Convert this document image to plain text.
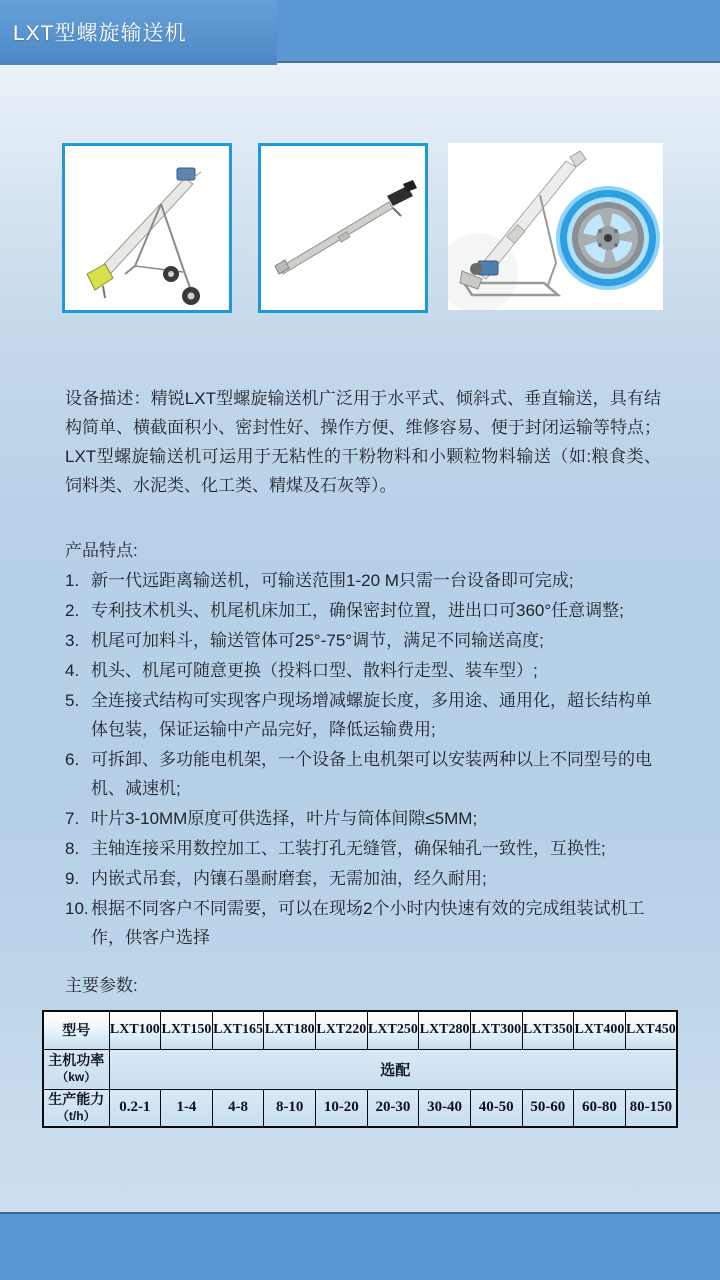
LXT型螺旋输送机
设备描述：精锐LXT型螺旋输送机广泛用于水平式、倾斜式、垂直输送，具有结构简单、横截面积小、密封性好、操作方便、维修容易、便于封闭运输等特点；LXT型螺旋输送机可运用于无粘性的干粉物料和小颗粒物料输送（如:粮食类、饲料类、水泥类、化工类、精煤及石灰等）。
产品特点:
1. 新一代远距离输送机，可输送范围1-20 M只需一台设备即可完成;
2. 专利技术机头、机尾机床加工，确保密封位置，进出口可360°任意调整;
3. 机尾可加料斗，输送管体可25°-75°调节，满足不同输送高度;
4. 机头、机尾可随意更换（投料口型、散料行走型、装车型）;
5. 全连接式结构可实现客户现场增减螺旋长度，多用途、通用化，超长结构单体包装，保证运输中产品完好，降低运输费用;
6. 可拆卸、多功能电机架，一个设备上电机架可以安装两种以上不同型号的电机、减速机;
7. 叶片3-10MM原度可供选择，叶片与筒体间隙≤5MM;
8. 主轴连接采用数控加工、工装打孔无缝管，确保轴孔一致性，互换性;
9. 内嵌式吊套，内镶石墨耐磨套，无需加油，经久耐用;
10. 根据不同客户不同需要，可以在现场2个小时内快速有效的完成组装试机工作，供客户选择
主要参数:
型号	LXT100	LXT150	LXT165	LXT180	LXT220	LXT250	LXT280	LXT300	LXT350	LXT400	LXT450

主机功率
（kw）	选配										

生产能力
（t/h）	0.2-1	1-4	4-8	8-10	10-20	20-30	30-40	40-50	50-60	60-80	80-150
